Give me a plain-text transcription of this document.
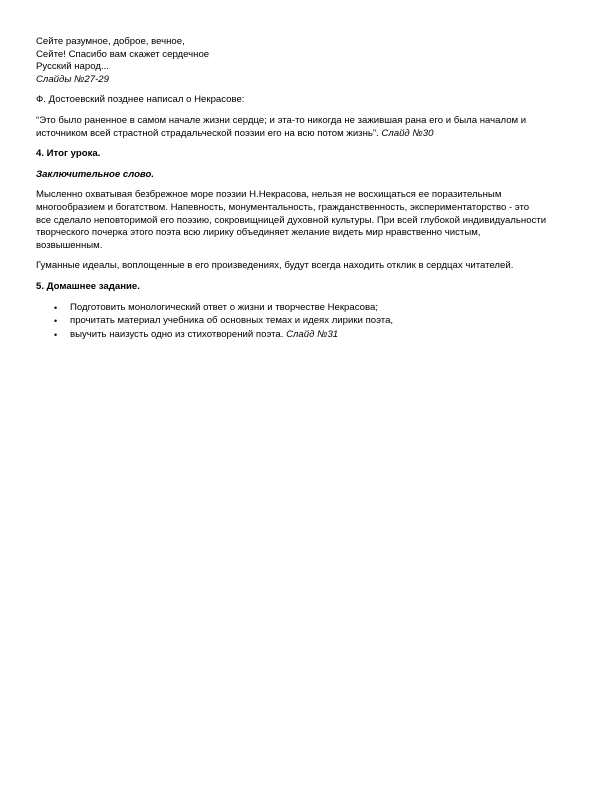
Сейте разумное, доброе, вечное,
Сейте! Спасибо вам скажет сердечное
Русский народ...
Слайды №27-29

Ф. Достоевский позднее написал о Некрасове:

“Это было раненное в самом начале жизни сердце; и эта-то никогда не зажившая рана его и была началом и
источником всей страстной страдальческой поэзии его на всю потом жизнь”. Слайд №30

4. Итог урока.

Заключительное слово.

Мысленно охватывая безбрежное море поэзии Н.Некрасова, нельзя не восхищаться ее поразительным
многообразием и богатством. Напевность, монументальность, гражданственность, экспериментаторство - это
все сделало неповторимой его поэзию, сокровищницей духовной культуры. При всей глубокой индивидуальности
творческого почерка этого поэта всю лирику объединяет желание видеть мир нравственно чистым,
возвышенным.

Гуманные идеалы, воплощенные в его произведениях, будут всегда находить отклик в сердцах читателей.

5. Домашнее задание.

• Подготовить монологический ответ о жизни и творчестве Некрасова;
• прочитать материал учебника об основных темах и идеях лирики поэта,
• выучить наизусть одно из стихотворений поэта. Слайд №31
